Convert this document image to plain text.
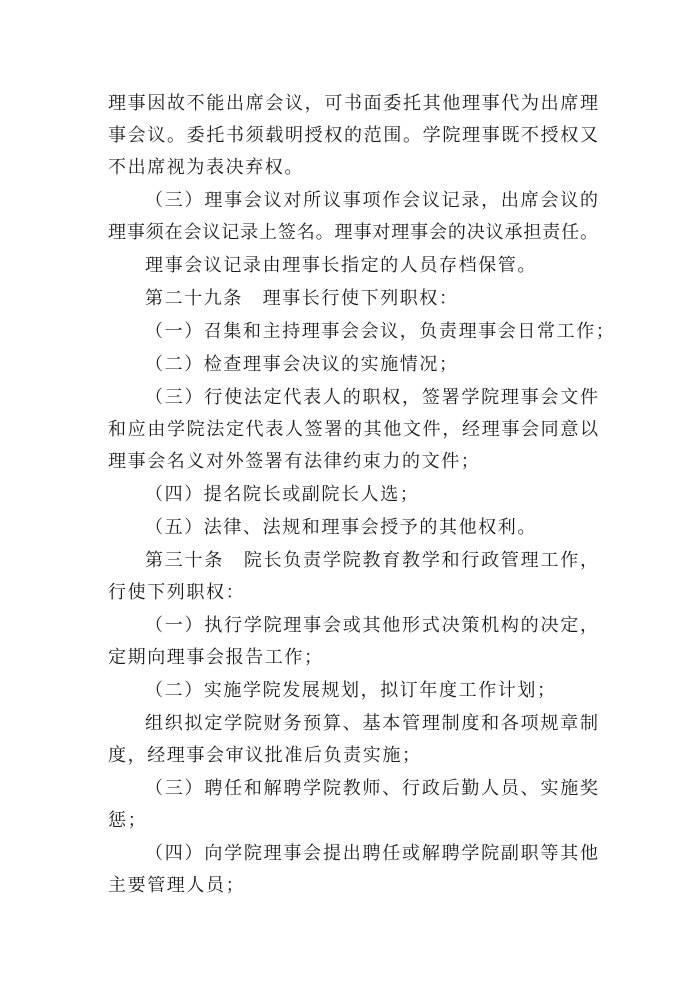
理事因故不能出席会议，可书面委托其他理事代为出席理
事会议。委托书须载明授权的范围。学院理事既不授权又
不出席视为表决弃权。
（三）理事会议对所议事项作会议记录，出席会议的
理事须在会议记录上签名。理事对理事会的决议承担责任。
理事会议记录由理事长指定的人员存档保管。
第二十九条　理事长行使下列职权：
（一）召集和主持理事会会议，负责理事会日常工作；
（二）检查理事会决议的实施情况；
（三）行使法定代表人的职权，签署学院理事会文件
和应由学院法定代表人签署的其他文件，经理事会同意以
理事会名义对外签署有法律约束力的文件；
（四）提名院长或副院长人选；
（五）法律、法规和理事会授予的其他权利。
第三十条　院长负责学院教育教学和行政管理工作，
行使下列职权：
（一）执行学院理事会或其他形式决策机构的决定，
定期向理事会报告工作；
（二）实施学院发展规划，拟订年度工作计划；
组织拟定学院财务预算、基本管理制度和各项规章制
度，经理事会审议批准后负责实施；
（三）聘任和解聘学院教师、行政后勤人员、实施奖
惩；
（四）向学院理事会提出聘任或解聘学院副职等其他
主要管理人员；
